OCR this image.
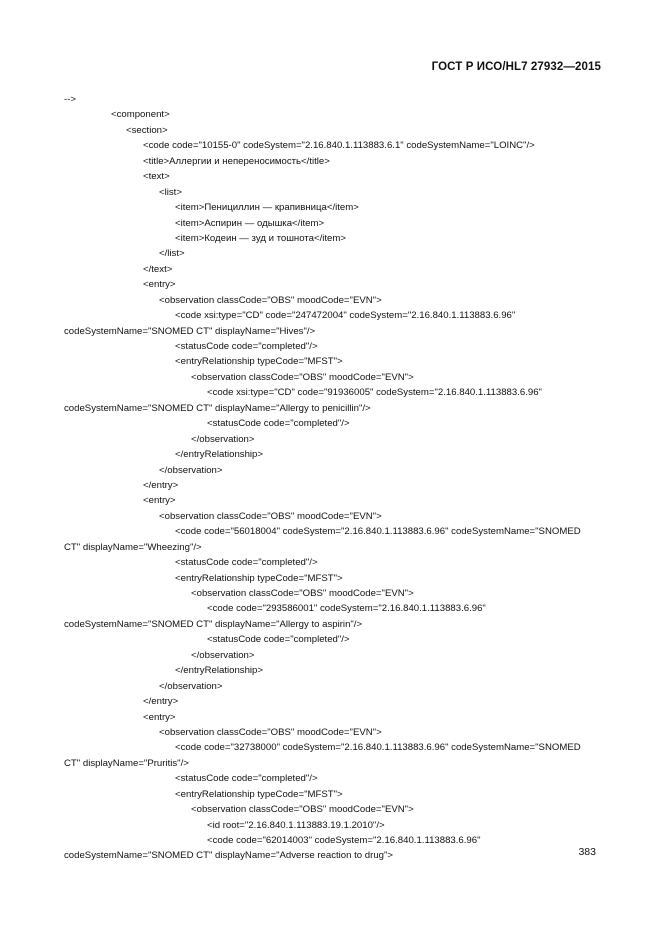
ГОСТ Р ИСО/HL7 27932—2015
-->
<component>
<section>
<code code="10155-0" codeSystem="2.16.840.1.113883.6.1" codeSystemName="LOINC"/>
<title>Аллергии и непереносимость</title>
<text>
<list>
<item>Пенициллин — крапивница</item>
<item>Аспирин — одышка</item>
<item>Кодеин — зуд и тошнота</item>
</list>
</text>
<entry>
<observation classCode="OBS" moodCode="EVN">
<code xsi:type="CD" code="247472004" codeSystem="2.16.840.1.113883.6.96"
codeSystemName="SNOMED CT" displayName="Hives"/>
<statusCode code="completed"/>
<entryRelationship typeCode="MFST">
<observation classCode="OBS" moodCode="EVN">
<code xsi:type="CD" code="91936005" codeSystem="2.16.840.1.113883.6.96"
codeSystemName="SNOMED CT" displayName="Allergy to penicillin"/>
<statusCode code="completed"/>
</observation>
</entryRelationship>
</observation>
</entry>
<entry>
<observation classCode="OBS" moodCode="EVN">
<code code="56018004" codeSystem="2.16.840.1.113883.6.96" codeSystemName="SNOMED
CT" displayName="Wheezing"/>
<statusCode code="completed"/>
<entryRelationship typeCode="MFST">
<observation classCode="OBS" moodCode="EVN">
<code code="293586001" codeSystem="2.16.840.1.113883.6.96"
codeSystemName="SNOMED CT" displayName="Allergy to aspirin"/>
<statusCode code="completed"/>
</observation>
</entryRelationship>
</observation>
</entry>
<entry>
<observation classCode="OBS" moodCode="EVN">
<code code="32738000" codeSystem="2.16.840.1.113883.6.96" codeSystemName="SNOMED
CT" displayName="Pruritis"/>
<statusCode code="completed"/>
<entryRelationship typeCode="MFST">
<observation classCode="OBS" moodCode="EVN">
<id root="2.16.840.1.113883.19.1.2010"/>
<code code="62014003" codeSystem="2.16.840.1.113883.6.96"
codeSystemName="SNOMED CT" displayName="Adverse reaction to drug">	383
